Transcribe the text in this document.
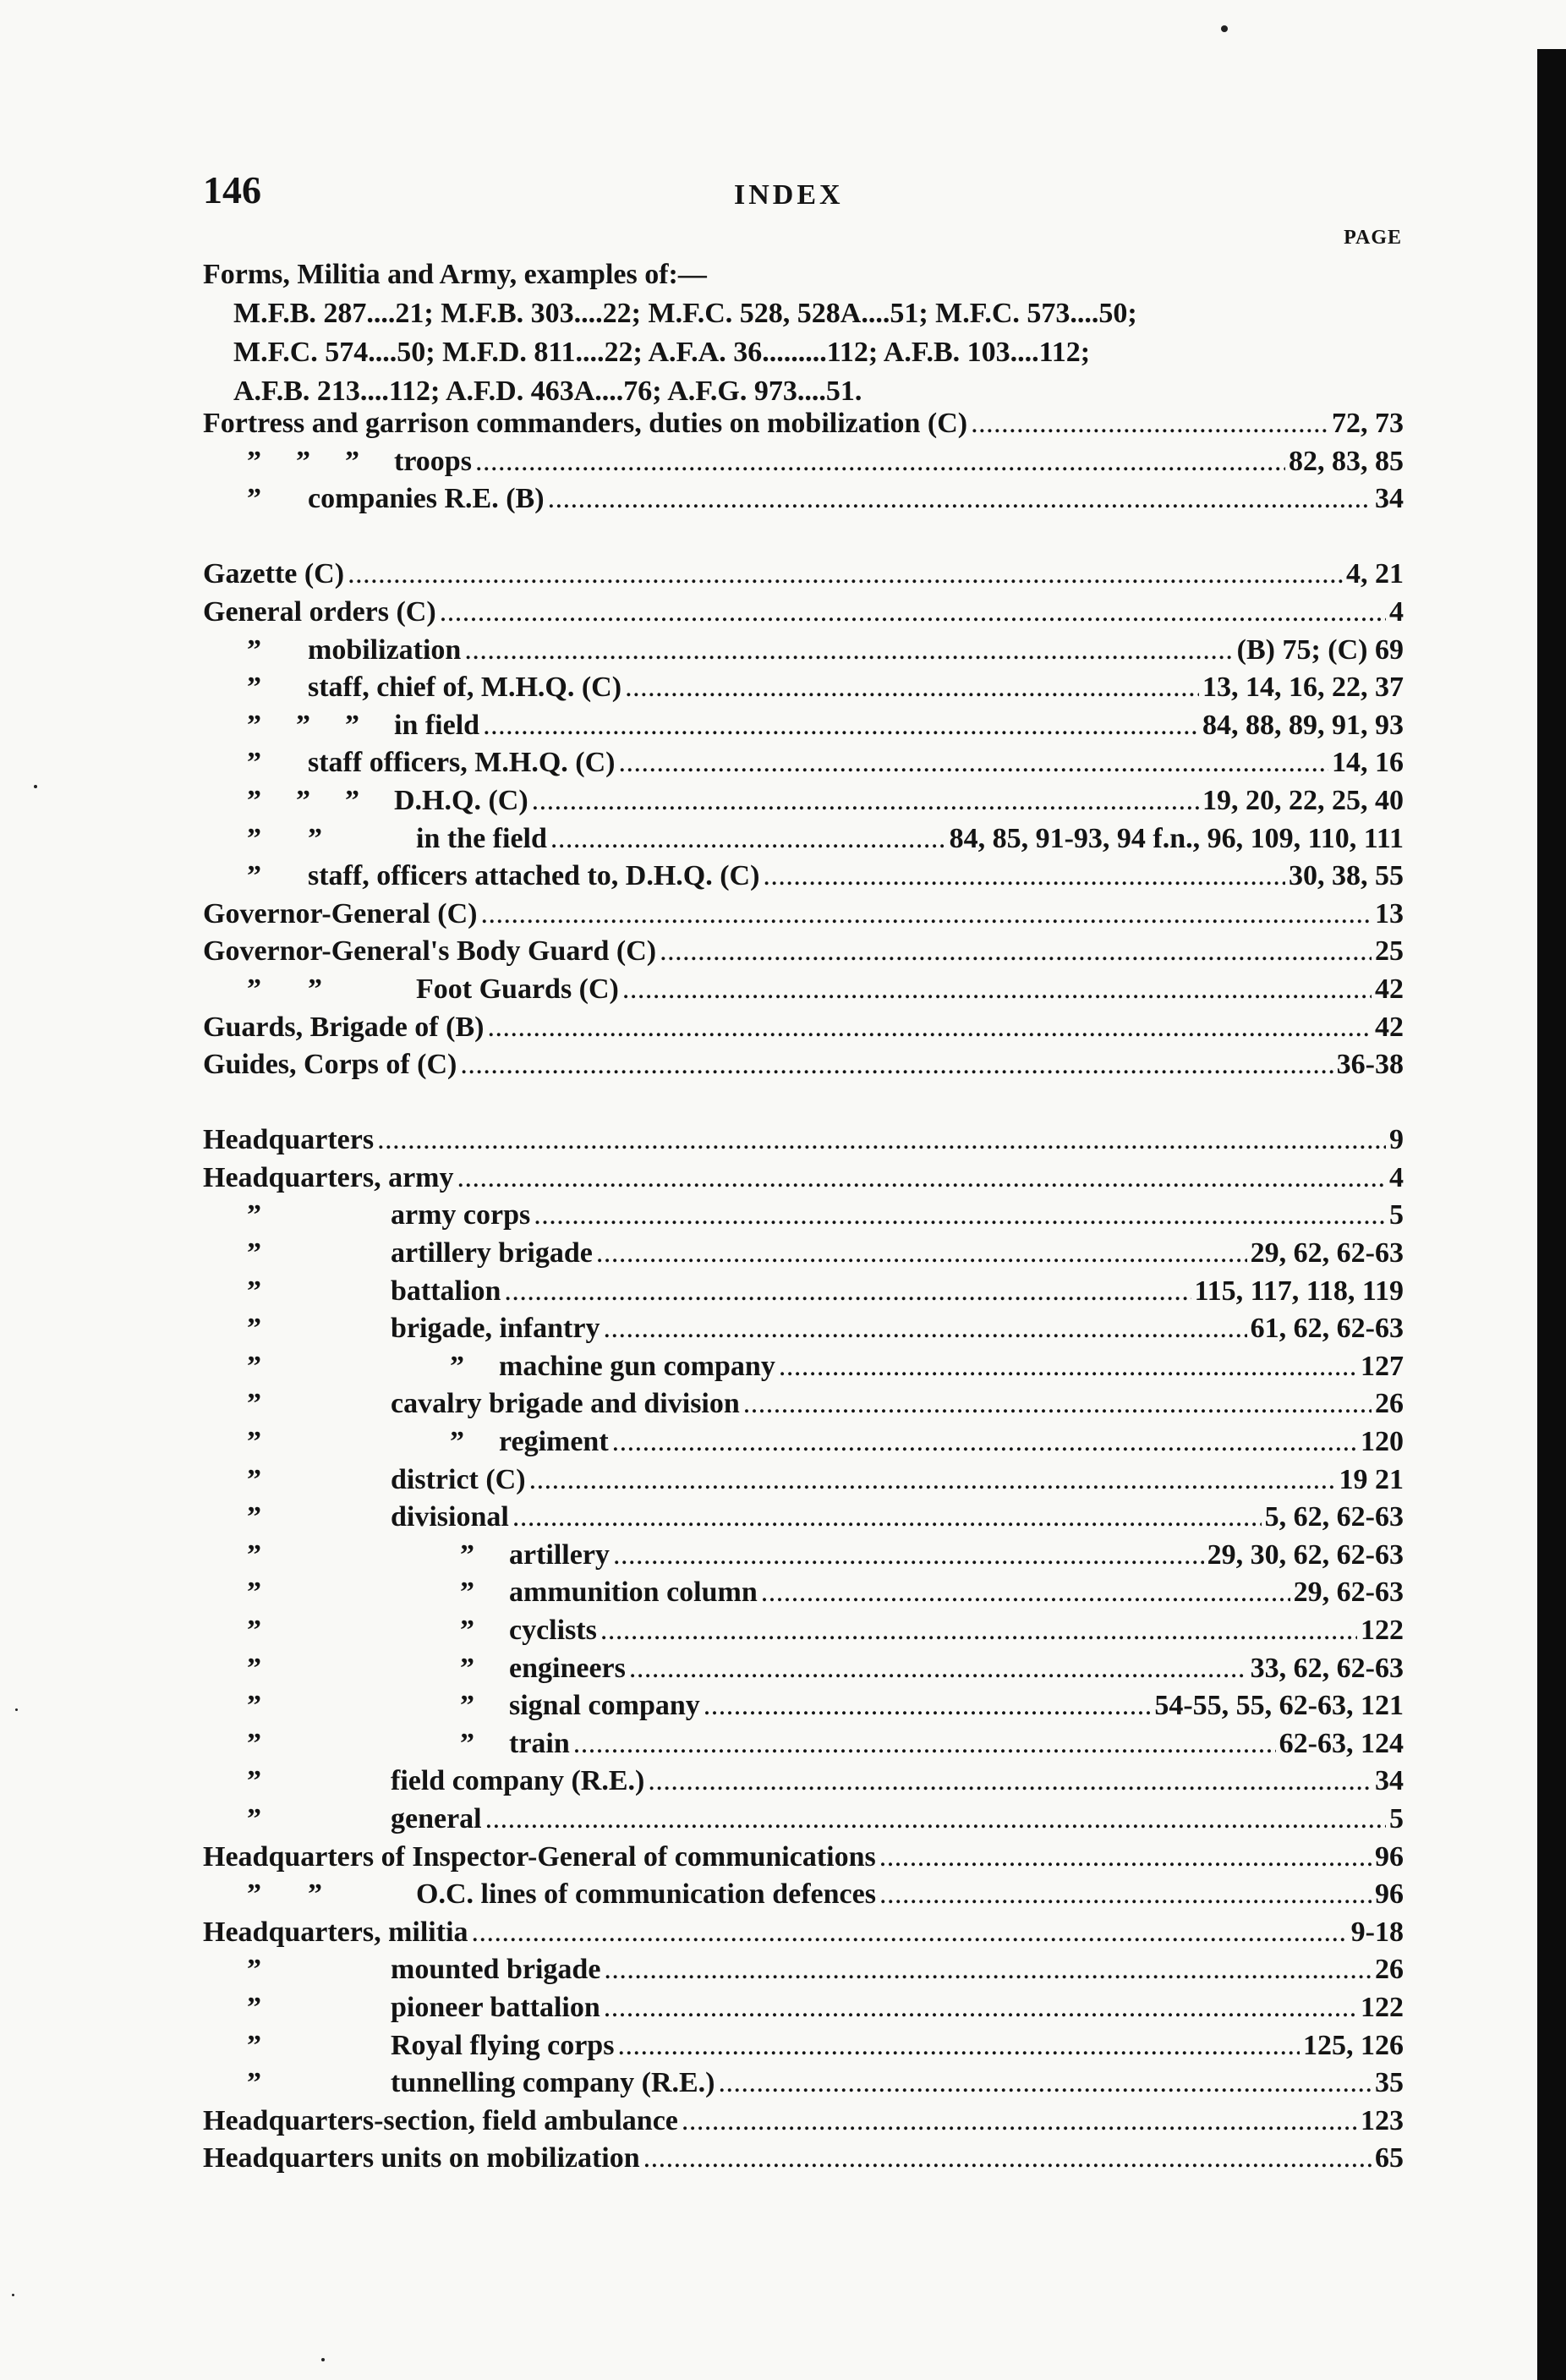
146	INDEX
PAGE
Forms, Militia and Army, examples of:—
M.F.B. 287....21; M.F.B. 303....22; M.F.C. 528, 528A....51; M.F.C. 573....50;
M.F.C. 574....50; M.F.D. 811....22; A.F.A. 36.........112; A.F.B. 103....112;
A.F.B. 213....112; A.F.D. 463A....76; A.F.G. 973....51.
Fortress and garrison commanders, duties on mobilization (C) . . .	72, 73
” ” ” troops . . .	82, 83, 85
” companies R.E. (B) . . .	34
Gazette (C) . . .	4, 21
General orders (C) . . .	4
” mobilization . . .	(B) 75; (C) 69
” staff, chief of, M.H.Q. (C) . . .	13, 14, 16, 22, 37
” ” ” in field . . .	84, 88, 89, 91, 93
” staff officers, M.H.Q. (C) . . .	14, 16
” ” ” D.H.Q. (C) . . .	19, 20, 22, 25, 40
” ”	in the field . . .	84, 85, 91-93, 94 f.n., 96, 109, 110, 111
” staff, officers attached to, D.H.Q. (C) . . .	30, 38, 55
Governor-General (C) . . .	13
Governor-General's Body Guard (C) . . .	25
” ”	Foot Guards (C) . . .	42
Guards, Brigade of (B) . . .	42
Guides, Corps of (C) . . .	36-38
Headquarters . . .	9
Headquarters, army . . .	4
”	army corps . . .	5
”	artillery brigade . . .	29, 62, 62-63
”	battalion . . .	115, 117, 118, 119
”	brigade, infantry . . .	61, 62, 62-63
”	” machine gun company . . .	127
”	cavalry brigade and division . . .	26
”	” regiment . . .	120
”	district (C) . . .	19 21
”	divisional . . .	5, 62, 62-63
”	” artillery . . .	29, 30, 62, 62-63
”	” ammunition column . . .	29, 62-63
”	” cyclists . . .	122
”	” engineers . . .	33, 62, 62-63
”	” signal company . . .	54-55, 55, 62-63, 121
”	” train . . .	62-63, 124
”	field company (R.E.) . . .	34
”	general . . .	5
Headquarters of Inspector-General of communications . . .	96
” ”	O.C. lines of communication defences . . .	96
Headquarters, militia . . .	9-18
”	mounted brigade . . .	26
”	pioneer battalion . . .	122
”	Royal flying corps . . .	125, 126
”	tunnelling company (R.E.) . . .	35
Headquarters-section, field ambulance . . .	123
Headquarters units on mobilization . . .	65
